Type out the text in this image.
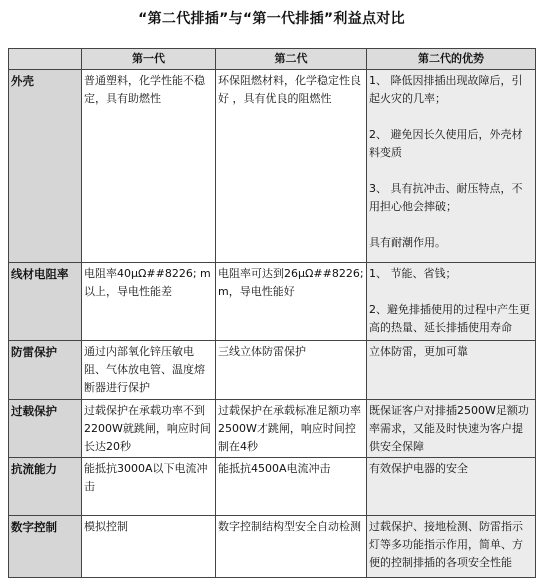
“第二代排插”与“第一代排插”利益点对比
	第一代	第二代	第二代的优势
外壳	普通塑料，化学性能不稳定，具有助燃性	环保阻燃材料，化学稳定性良好 ，具有优良的阻燃性	1、 降低因排插出现故障后，引起火灾的几率；

2、 避免因长久使用后，外壳材料变质

3、 具有抗冲击、耐压特点，不用担心他会摔破；

具有耐潮作用。

线材电阻率	电阻率40μΩ##8226; m以上，导电性能差	电阻率可达到26μΩ##8226; m，导电性能好	1、 节能、省钱；

2、避免排插使用的过程中产生更高的热量、延长排插使用寿命

防雷保护	通过内部氧化锌压敏电阻、气体放电管、温度熔断器进行保护	三线立体防雷保护	立体防雷，更加可靠

过载保护	过载保护在承载功率不到2200W就跳闸，响应时间长达20秒	过载保护在承载标准足额功率2500W才跳闸，响应时间控制在4秒	既保证客户对排插2500W足额功率需求，又能及时快速为客户提供安全保障

抗流能力	能抵抗3000A以下电流冲击	能抵抗4500A电流冲击	有效保护电器的安全

数字控制	模拟控制	数字控制结构型安全自动检测	过载保护、接地检测、防雷指示灯等多功能指示作用，简单、方便的控制排插的各项安全性能
